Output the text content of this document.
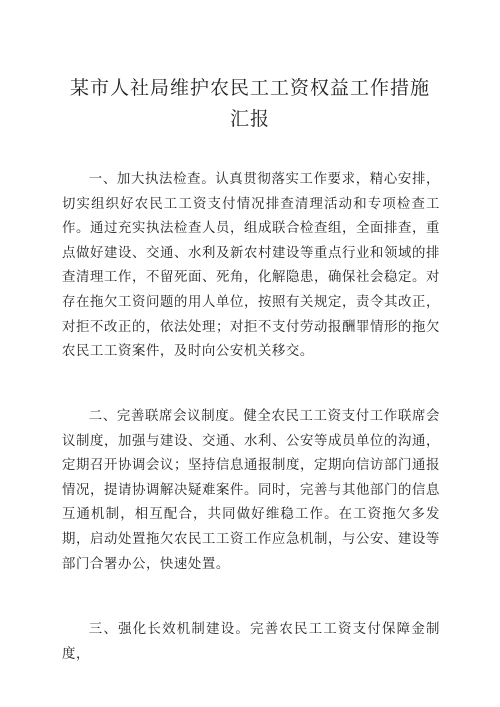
某市人社局维护农民工工资权益工作措施
汇报

一、加大执法检查。认真贯彻落实工作要求，精心安排，切实组织好农民工工资支付情况排查清理活动和专项检查工作。通过充实执法检查人员，组成联合检查组，全面排查，重点做好建设、交通、水利及新农村建设等重点行业和领域的排查清理工作，不留死面、死角，化解隐患，确保社会稳定。对存在拖欠工资问题的用人单位，按照有关规定，责令其改正，对拒不改正的，依法处理；对拒不支付劳动报酬罪情形的拖欠农民工工资案件，及时向公安机关移交。

二、完善联席会议制度。健全农民工工资支付工作联席会议制度，加强与建设、交通、水利、公安等成员单位的沟通，定期召开协调会议；坚持信息通报制度，定期向信访部门通报情况，提请协调解决疑难案件。同时，完善与其他部门的信息互通机制，相互配合，共同做好维稳工作。在工资拖欠多发期，启动处置拖欠农民工工资工作应急机制，与公安、建设等部门合署办公，快速处置。

三、强化长效机制建设。完善农民工工资支付保障金制度，
